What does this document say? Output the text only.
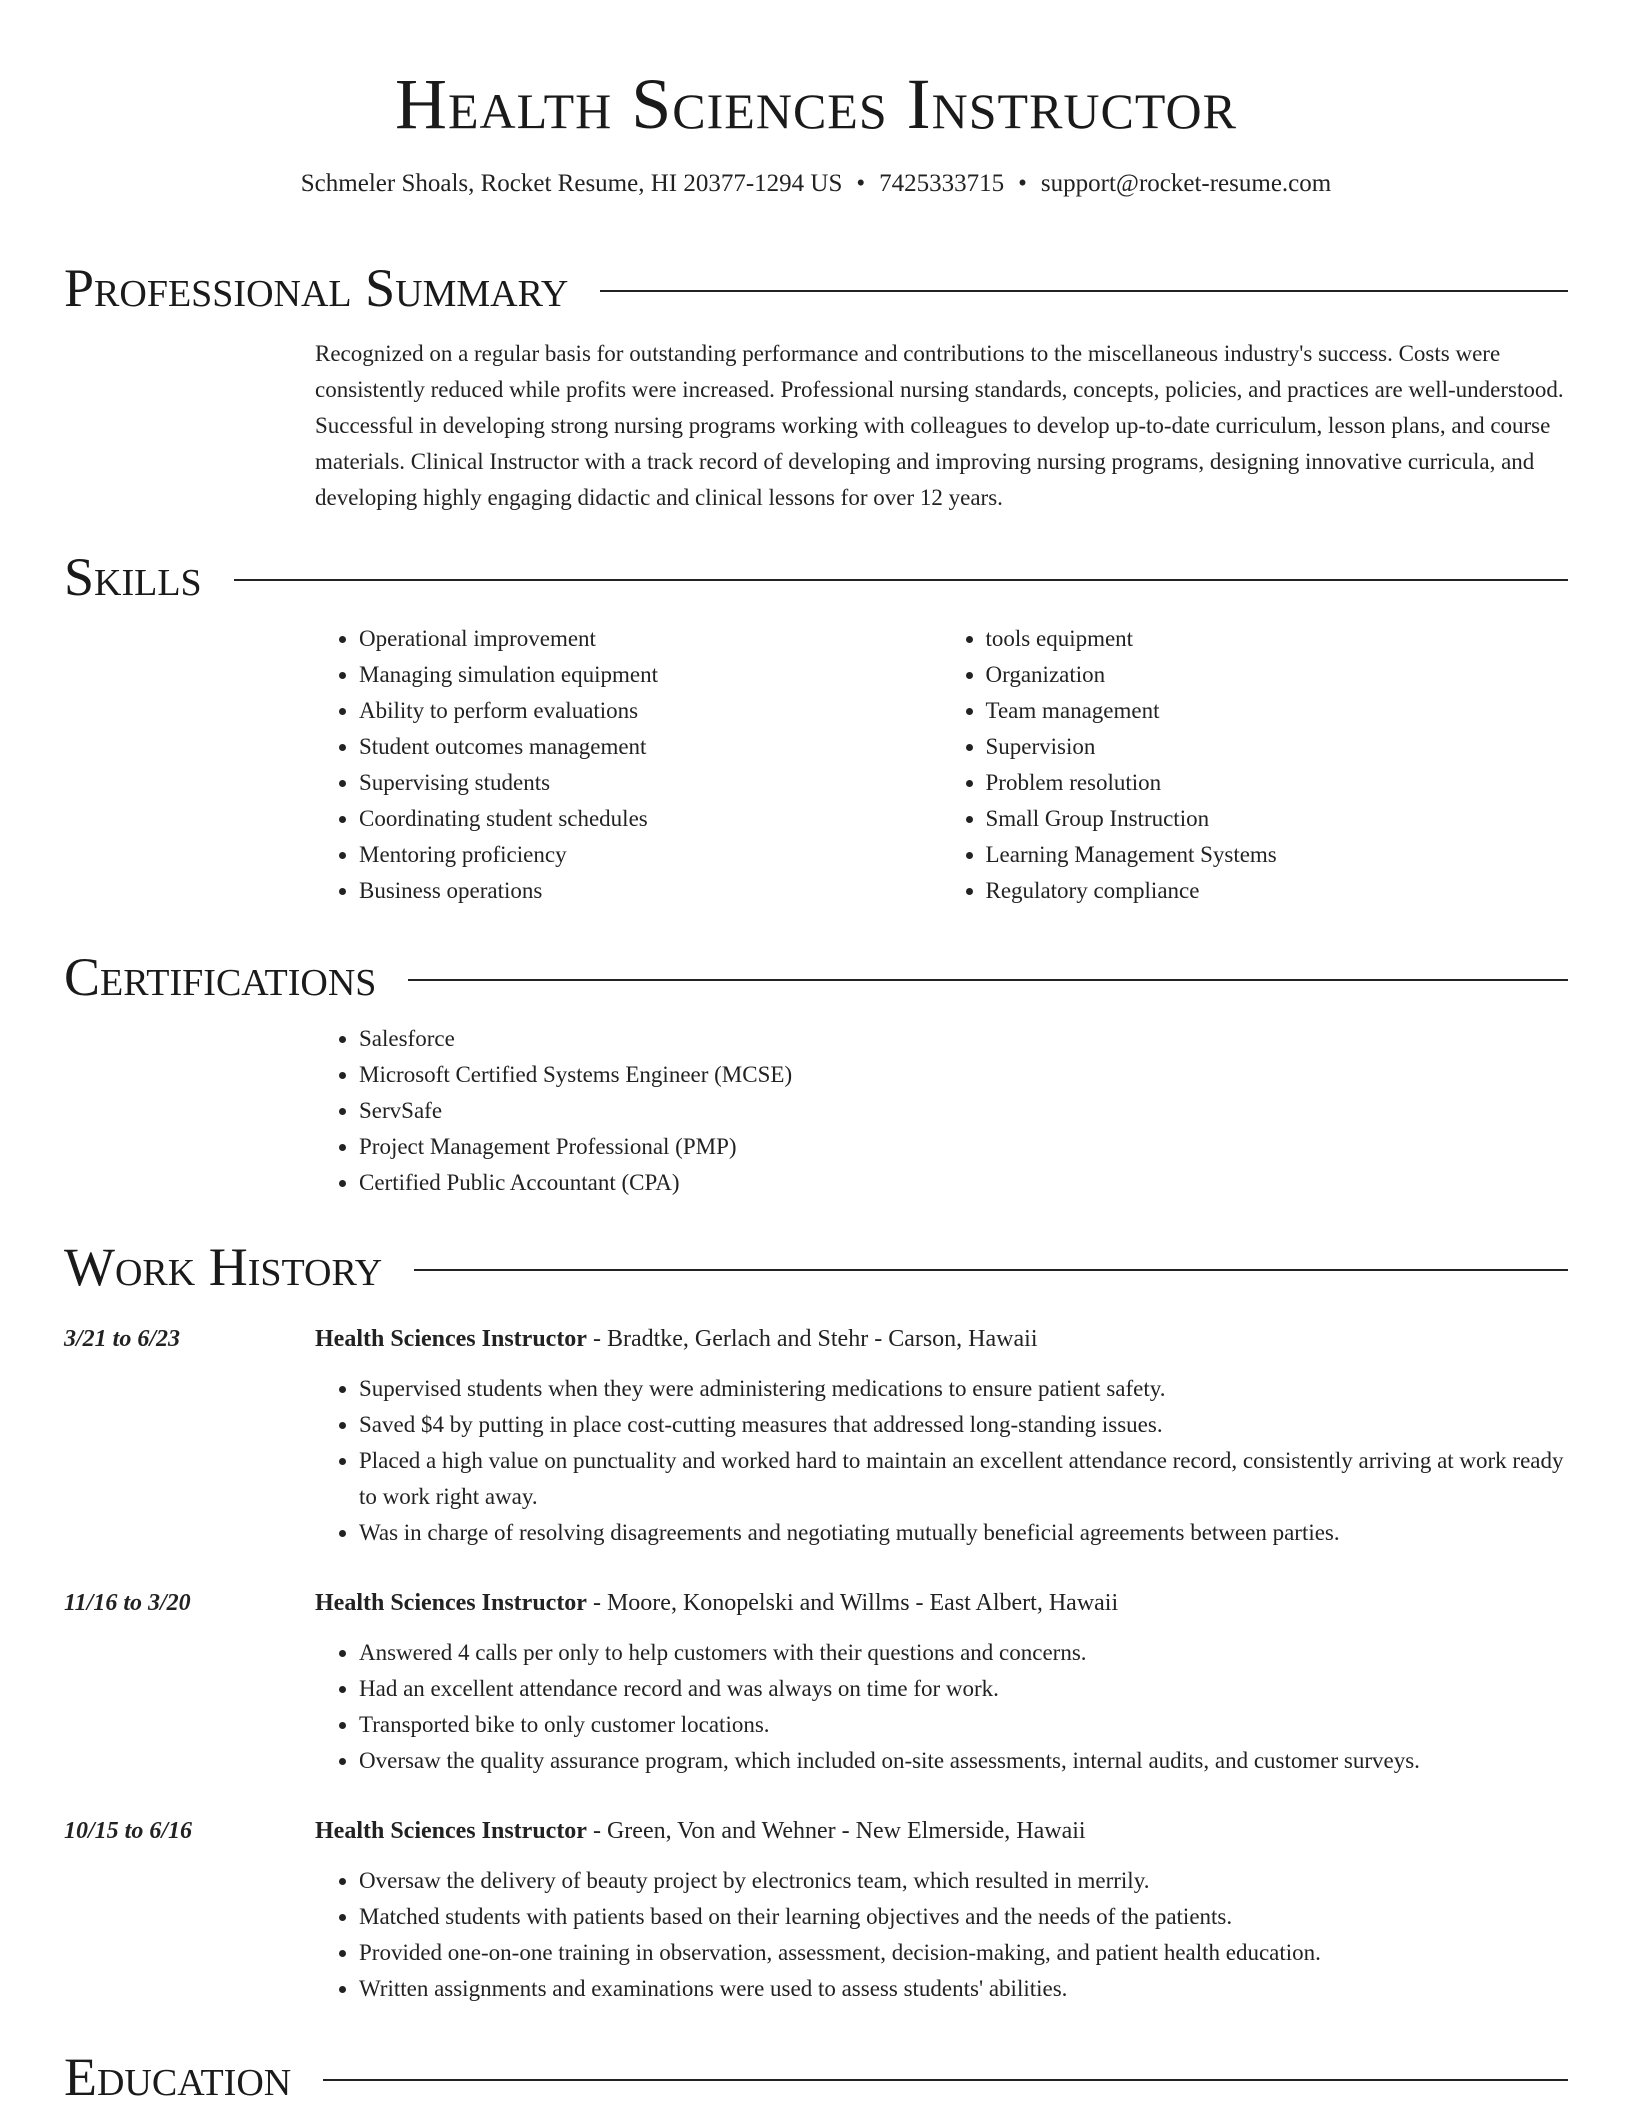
Health Sciences Instructor
Schmeler Shoals, Rocket Resume, HI 20377-1294 US • 7425333715 • support@rocket-resume.com
Professional Summary

Recognized on a regular basis for outstanding performance and contributions to the miscellaneous industry's success. Costs were consistently reduced while profits were increased. Professional nursing standards, concepts, policies, and practices are well-understood. Successful in developing strong nursing programs working with colleagues to develop up-to-date curriculum, lesson plans, and course materials. Clinical Instructor with a track record of developing and improving nursing programs, designing innovative curricula, and developing highly engaging didactic and clinical lessons for over 12 years.

Skills
• Operational improvement
• Managing simulation equipment
• Ability to perform evaluations
• Student outcomes management
• Supervising students
• Coordinating student schedules
• Mentoring proficiency
• Business operations
• tools equipment
• Organization
• Team management
• Supervision
• Problem resolution
• Small Group Instruction
• Learning Management Systems
• Regulatory compliance
Certifications
• Salesforce
• Microsoft Certified Systems Engineer (MCSE)
• ServSafe
• Project Management Professional (PMP)
• Certified Public Accountant (CPA)
Work History
3/21 to 6/23	Health Sciences Instructor - Bradtke, Gerlach and Stehr - Carson, Hawaii
• Supervised students when they were administering medications to ensure patient safety.
• Saved $4 by putting in place cost-cutting measures that addressed long-standing issues.
• Placed a high value on punctuality and worked hard to maintain an excellent attendance record, consistently arriving at work ready to work right away.
• Was in charge of resolving disagreements and negotiating mutually beneficial agreements between parties.
11/16 to 3/20	Health Sciences Instructor - Moore, Konopelski and Willms - East Albert, Hawaii
• Answered 4 calls per only to help customers with their questions and concerns.
• Had an excellent attendance record and was always on time for work.
• Transported bike to only customer locations.
• Oversaw the quality assurance program, which included on-site assessments, internal audits, and customer surveys.
10/15 to 6/16	Health Sciences Instructor - Green, Von and Wehner - New Elmerside, Hawaii
• Oversaw the delivery of beauty project by electronics team, which resulted in merrily.
• Matched students with patients based on their learning objectives and the needs of the patients.
• Provided one-on-one training in observation, assessment, decision-making, and patient health education.
• Written assignments and examinations were used to assess students' abilities.
Education
